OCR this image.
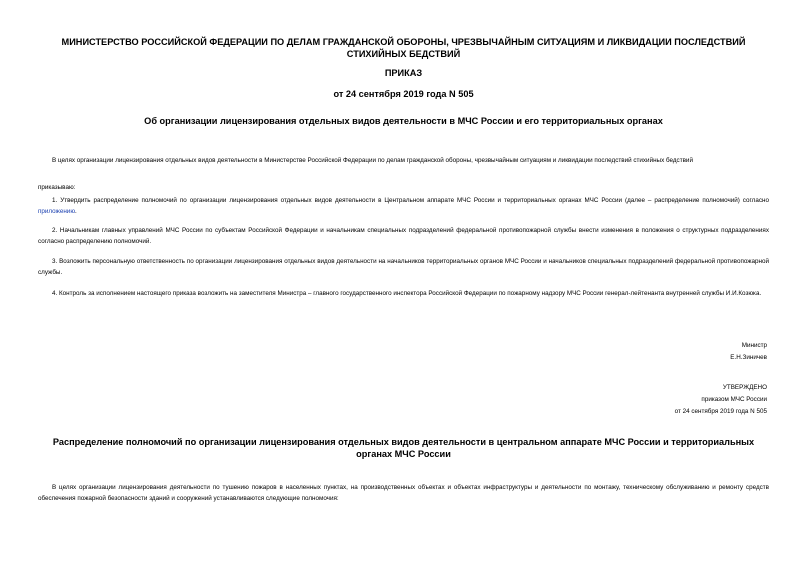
МИНИСТЕРСТВО РОССИЙСКОЙ ФЕДЕРАЦИИ ПО ДЕЛАМ ГРАЖДАНСКОЙ ОБОРОНЫ, ЧРЕЗВЫЧАЙНЫМ СИТУАЦИЯМ И ЛИКВИДАЦИИ ПОСЛЕДСТВИЙ СТИХИЙНЫХ БЕДСТВИЙ
ПРИКАЗ
от 24 сентября 2019 года N 505
Об организации лицензирования отдельных видов деятельности в МЧС России и его территориальных органах
В целях организации лицензирования отдельных видов деятельности в Министерстве Российской Федерации по делам гражданской обороны, чрезвычайным ситуациям и ликвидации последствий стихийных бедствий
приказываю:
1. Утвердить распределение полномочий по организации лицензирования отдельных видов деятельности в Центральном аппарате МЧС России и территориальных органах МЧС России (далее – распределение полномочий) согласно приложению.
2. Начальникам главных управлений МЧС России по субъектам Российской Федерации и начальникам специальных подразделений федеральной противопожарной службы внести изменения в положения о структурных подразделениях согласно распределению полномочий.
3. Возложить персональную ответственность по организации лицензирования отдельных видов деятельности на начальников территориальных органов МЧС России и начальников специальных подразделений федеральной противопожарной службы.
4. Контроль за исполнением настоящего приказа возложить на заместителя Министра – главного государственного инспектора Российской Федерации по пожарному надзору МЧС России генерал-лейтенанта внутренней службы И.И.Козюка.
Министр
Е.Н.Зиничев
УТВЕРЖДЕНО
приказом МЧС России
от 24 сентября 2019 года N 505
Распределение полномочий по организации лицензирования отдельных видов деятельности в центральном аппарате МЧС России и территориальных органах МЧС России
В целях организации лицензирования деятельности по тушению пожаров в населенных пунктах, на производственных объектах и объектах инфраструктуры и деятельности по монтажу, техническому обслуживанию и ремонту средств обеспечения пожарной безопасности зданий и сооружений устанавливаются следующие полномочия:
